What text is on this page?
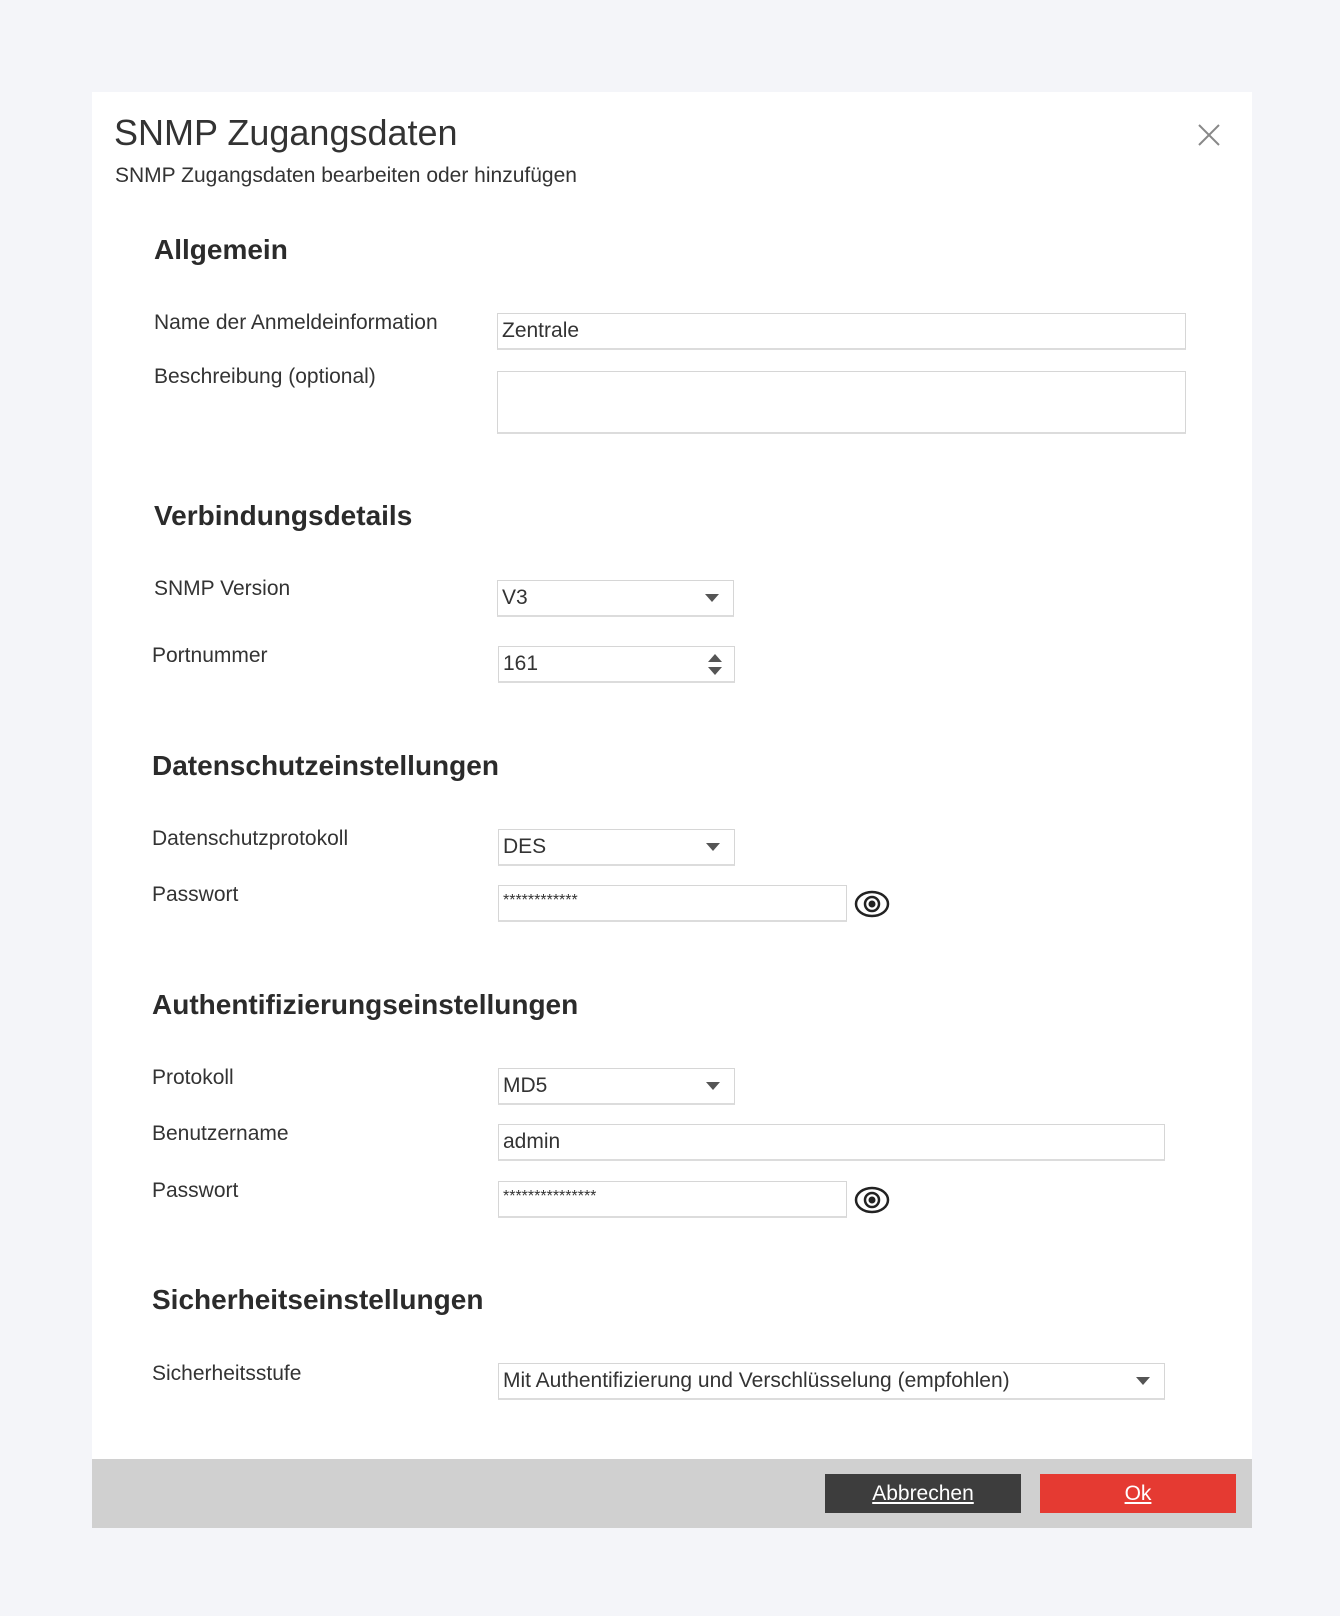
SNMP Zugangsdaten
SNMP Zugangsdaten bearbeiten oder hinzufügen
Allgemein
Name der Anmeldeinformation	Zentrale
Beschreibung (optional)
Verbindungsdetails
SNMP Version	V3
Portnummer	161
Datenschutzeinstellungen
Datenschutzprotokoll	DES
Passwort	************
Authentifizierungseinstellungen
Protokoll	MD5
Benutzername	admin
Passwort	***************
Sicherheitseinstellungen
Sicherheitsstufe	Mit Authentifizierung und Verschlüsselung (empfohlen)
Abbrechen	Ok
